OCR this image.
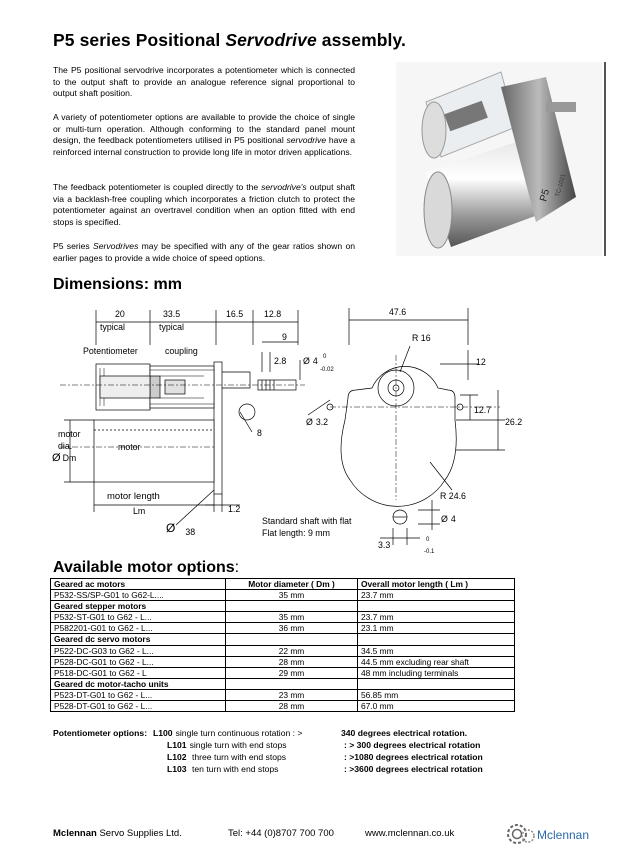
P5 series Positional Servodrive assembly.

The P5 positional servodrive incorporates a potentiometer which is connected to the output shaft to provide an analogue reference signal proportional to output shaft position.

A variety of potentiometer options are available to provide the choice of single or multi-turn operation. Although conforming to the standard panel mount design, the feedback potentiometers utilised in P5 positional servodrive have a reinforced internal construction to provide long life in motor driven applications.

The feedback potentiometer is coupled directly to the servodrive's output shaft via a backlash-free coupling which incorporates a friction clutch to protect the potentiometer against an overtravel condition when an option fitted with end stops is specified.

P5 series Servodrives may be specified with any of the gear ratios shown on earlier pages to provide a wide choice of speed options.

P5 TC-1021
Dimensions: mm
20
typical
33.5
typical
16.5 12.8	47.6
9	R 16
2.8 Ø 4 0
-0.02
12
Potentiometer	coupling
Ø 3.2
12.7
26.2
8
motor
dia.
Ø Dm
motor
motor length
Lm
Ø 38
1.2
R 24.6
Standard shaft with flat
Flat length: 9 mm
Ø 4
3.3	0
-0.1
Available motor options:
Geared ac motors	Motor diameter ( Dm )	Overall motor length ( Lm )
P532-SS/SP-G01 to G62-L....	35 mm	23.7 mm
Geared stepper motors		
P532-ST-G01 to G62 - L...	35 mm	23.7 mm
P582201-G01 to G62 - L...	36 mm	23.1 mm
Geared dc servo motors		
P522-DC-G03 to G62 - L...	22 mm	34.5 mm
P528-DC-G01 to G62 - L...	28 mm	44.5 mm excluding rear shaft
P518-DC-G01 to G62 - L	29 mm	48 mm including terminals
Geared dc motor-tacho units		
P523-DT-G01 to G62 - L...	23 mm	56.85 mm
P528-DT-G01 to G62 - L...	28 mm	67.0 mm
Potentiometer options: L100 single turn continuous rotation : >	340 degrees electrical rotation.
L101 single turn with end stops	: > 300 degrees electrical rotation
L102 three turn with end stops	: >1080 degrees electrical rotation
L103 ten turn with end stops	: >3600 degrees electrical rotation
Mclennan Servo Supplies Ltd.	Tel: +44 (0)8707 700 700	www.mclennan.co.uk	Mclennan
